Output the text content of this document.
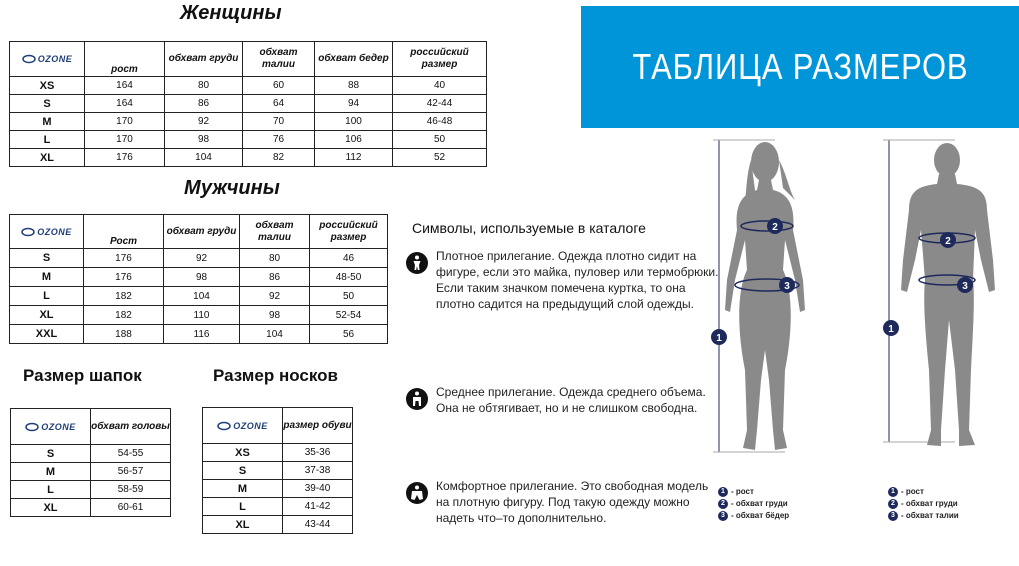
Женщины
OZONE	рост	обхват груди	обхват талии	обхват бедер	российский размер
XS	164	80	60	88	40
S	164	86	64	94	42-44
M	170	92	70	100	46-48
L	170	98	76	106	50
XL	176	104	82	112	52
Мужчины
OZONE	Рост	обхват груди	обхват талии	российский размер
S	176	92	80	46
M	176	98	86	48-50
L	182	104	92	50
XL	182	110	98	52-54
XXL	188	116	104	56
Размер шапок
OZONE	обхват головы
S	54-55
M	56-57
L	58-59
XL	60-61
Размер носков
OZONE	размер обуви
XS	35-36
S	37-38
M	39-40
L	41-42
XL	43-44
ТАБЛИЦА РАЗМЕРОВ
Символы, используемые в каталоге
Плотное прилегание. Одежда плотно сидит на фигуре, если это майка, пуловер или термобрюки. Если таким значком помечена куртка, то она плотно садится на предыдущий слой одежды.
Среднее прилегание. Одежда среднего объема. Она не обтягивает, но и не слишком свободна.
Комфортное прилегание. Это свободная модель на плотную фигуру. Под такую одежду можно надеть что–то дополнительно.
2
3
1
2
3
1
1 - рост
2 - обхват груди
3 - обхват бёдер
1 - рост
2 - обхват груди
3 - обхват талии
